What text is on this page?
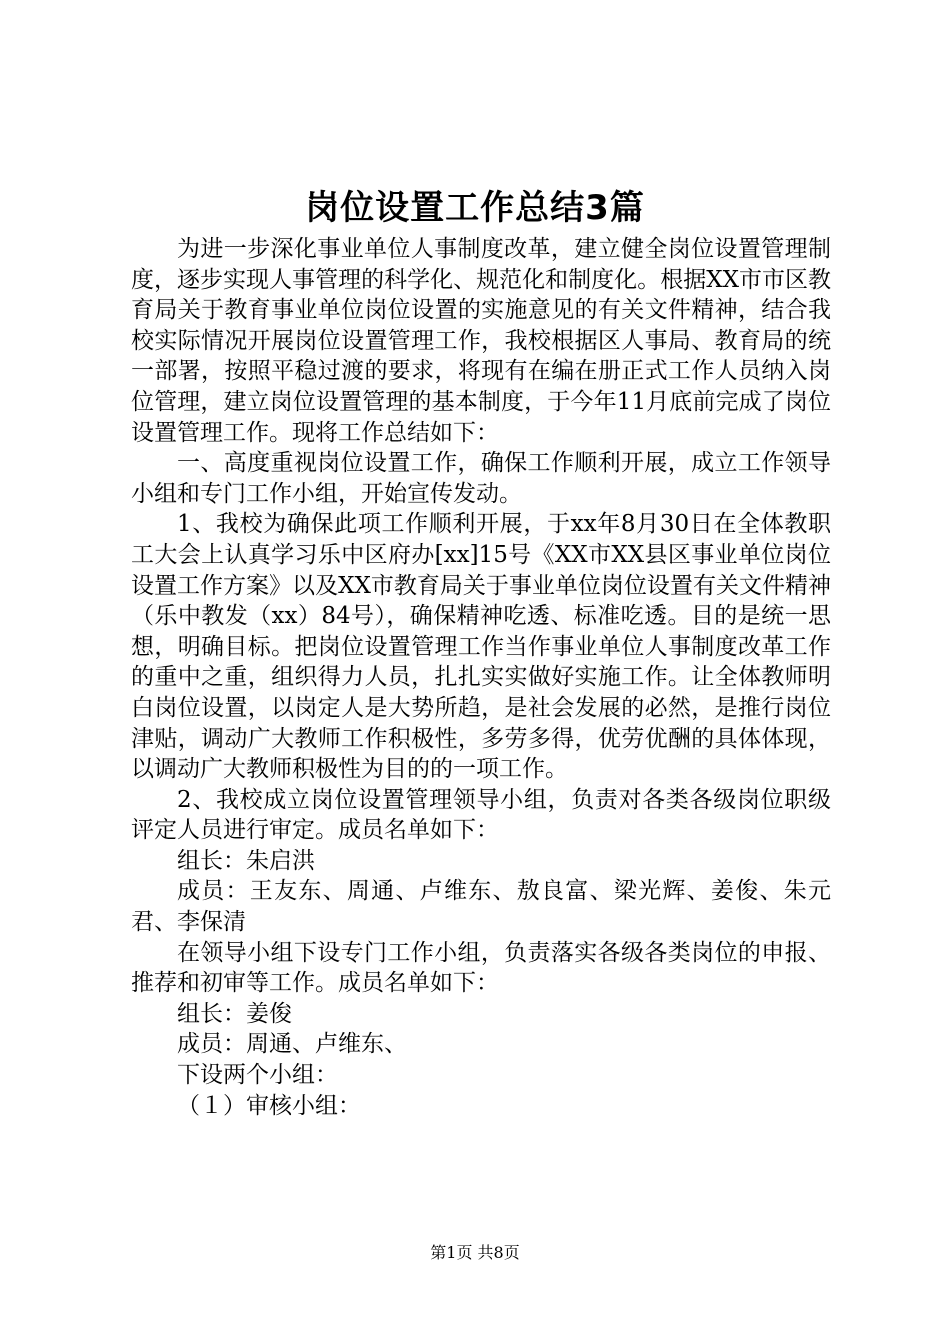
岗位设置工作总结3篇

为进一步深化事业单位人事制度改革，建立健全岗位设置管理制度，逐步实现人事管理的科学化、规范化和制度化。根据XX市市区教育局关于教育事业单位岗位设置的实施意见的有关文件精神，结合我校实际情况开展岗位设置管理工作，我校根据区人事局、教育局的统一部署，按照平稳过渡的要求，将现有在编在册正式工作人员纳入岗位管理，建立岗位设置管理的基本制度，于今年11月底前完成了岗位设置管理工作。现将工作总结如下：

一、高度重视岗位设置工作，确保工作顺利开展，成立工作领导小组和专门工作小组，开始宣传发动。

1、我校为确保此项工作顺利开展，于xx年8月30日在全体教职工大会上认真学习乐中区府办[xx]15号《XX市XX县区事业单位岗位设置工作方案》以及XX市教育局关于事业单位岗位设置有关文件精神（乐中教发（xx）84号），确保精神吃透、标准吃透。目的是统一思想，明确目标。把岗位设置管理工作当作事业单位人事制度改革工作的重中之重，组织得力人员，扎扎实实做好实施工作。让全体教师明白岗位设置，以岗定人是大势所趋，是社会发展的必然，是推行岗位津贴，调动广大教师工作积极性，多劳多得，优劳优酬的具体体现，以调动广大教师积极性为目的的一项工作。

2、我校成立岗位设置管理领导小组，负责对各类各级岗位职级评定人员进行审定。成员名单如下：

组长：朱启洪

成员：王友东、周通、卢维东、敖良富、梁光辉、姜俊、朱元君、李保清

在领导小组下设专门工作小组，负责落实各级各类岗位的申报、推荐和初审等工作。成员名单如下：

组长：姜俊

成员：周通、卢维东、

下设两个小组：

（１）审核小组：

第1页 共8页
